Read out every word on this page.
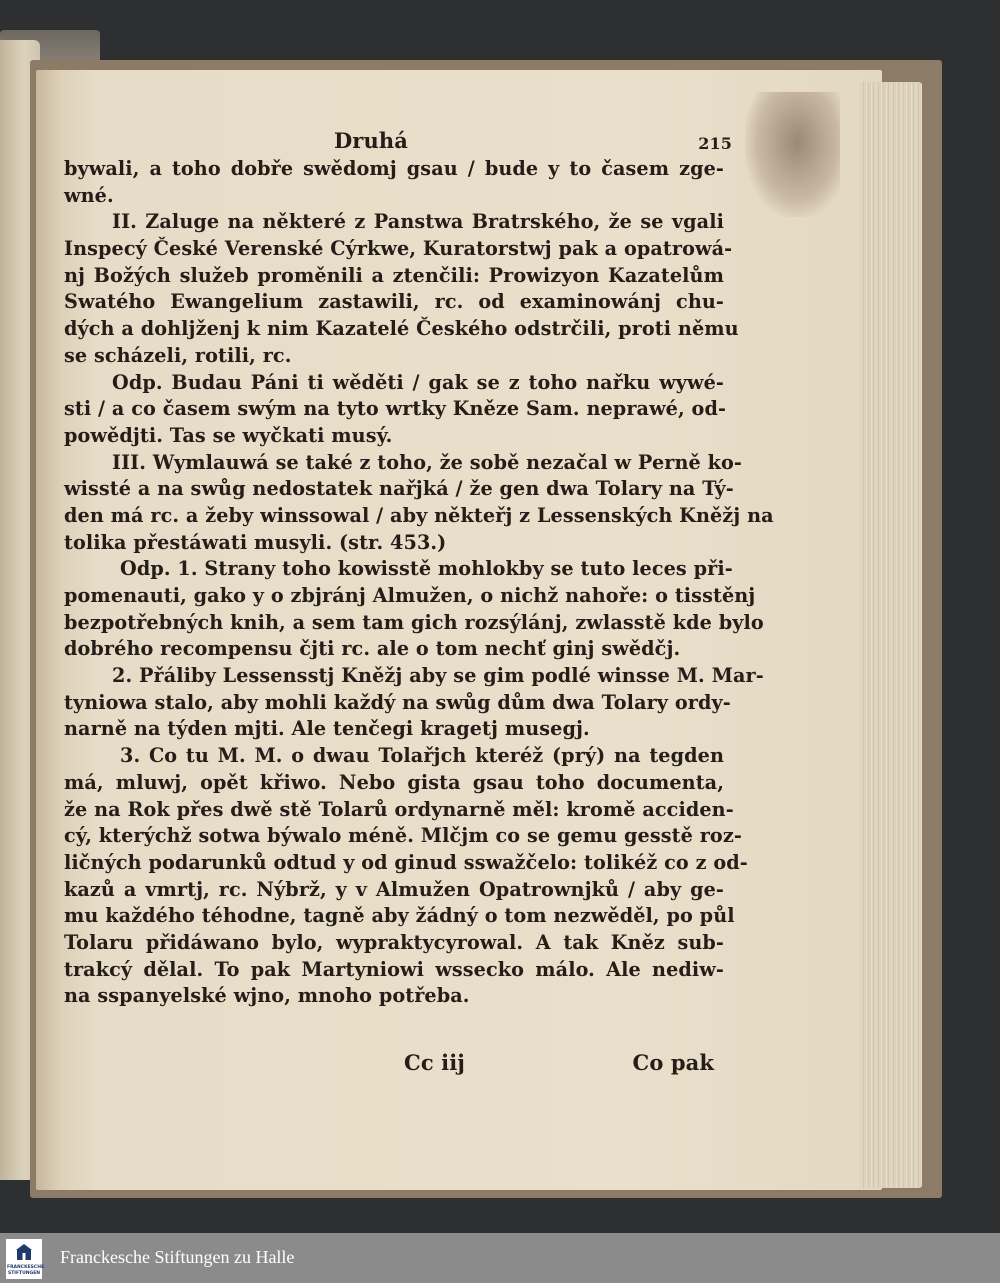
Druhá	215
bywali, a toho dobře swědomj gsau / bude y to časem zge-
wné.
II. Zaluge na některé z Panstwa Bratrského, že se vgali
Inspecý České Verenské Cýrkwe, Kuratorstwj pak a opatrowá-
nj Božých služeb proměnili a ztenčili: Prowizyon Kazatelům
Swatého Ewangelium zastawili, rc. od examinowánj chu-
dých a dohljženj k nim Kazatelé Českého odstrčili, proti němu
se scházeli, rotili, rc.
Odp. Budau Páni ti wěděti / gak se z toho nařku wywé-
sti / a co časem swým na tyto wrtky Kněze Sam. neprawé, od-
powědjti. Tas se wyčkati musý.
III. Wymlauwá se také z toho, že sobě nezačal w Perně ko-
wissté a na swůg nedostatek nařjká / že gen dwa Tolary na Tý-
den má rc. a žeby winssowal / aby někteřj z Lessenských Kněžj na
tolika přestáwati musyli. (str. 453.)
Odp. 1. Strany toho kowisstě mohlokby se tuto leces při-
pomenauti, gako y o zbjránj Almužen, o nichž nahoře: o tisstěnj
bezpotřebných knih, a sem tam gich rozsýlánj, zwlasstě kde bylo
dobrého recompensu čjti rc. ale o tom nechť ginj swědčj.
2. Přáliby Lessensstj Kněžj aby se gim podlé winsse M. Mar-
tyniowa stalo, aby mohli každý na swůg dům dwa Tolary ordy-
narně na týden mjti. Ale tenčegi kragetj musegj.
3. Co tu M. M. o dwau Tolařjch kteréž (prý) na tegden
má, mluwj, opět křiwo. Nebo gista gsau toho documenta,
že na Rok přes dwě stě Tolarů ordynarně měl: kromě acciden-
cý, kterýchž sotwa býwalo méně. Mlčjm co se gemu gesstě roz-
ličných podarunků odtud y od ginud sswažčelo: tolikéž co z od-
kazů a vmrtj, rc. Nýbrž, y v Almužen Opatrownjků / aby ge-
mu každého téhodne, tagně aby žádný o tom nezwěděl, po půl
Tolaru přidáwano bylo, wypraktycyrowal. A tak Kněz sub-
trakcý dělal. To pak Martyniowi wssecko málo. Ale nediw-
na sspanyelské wjno, mnoho potřeba.
Cc iij	Co pak
FRANCKESCHE
STIFTUNGEN
Franckesche Stiftungen zu Halle
